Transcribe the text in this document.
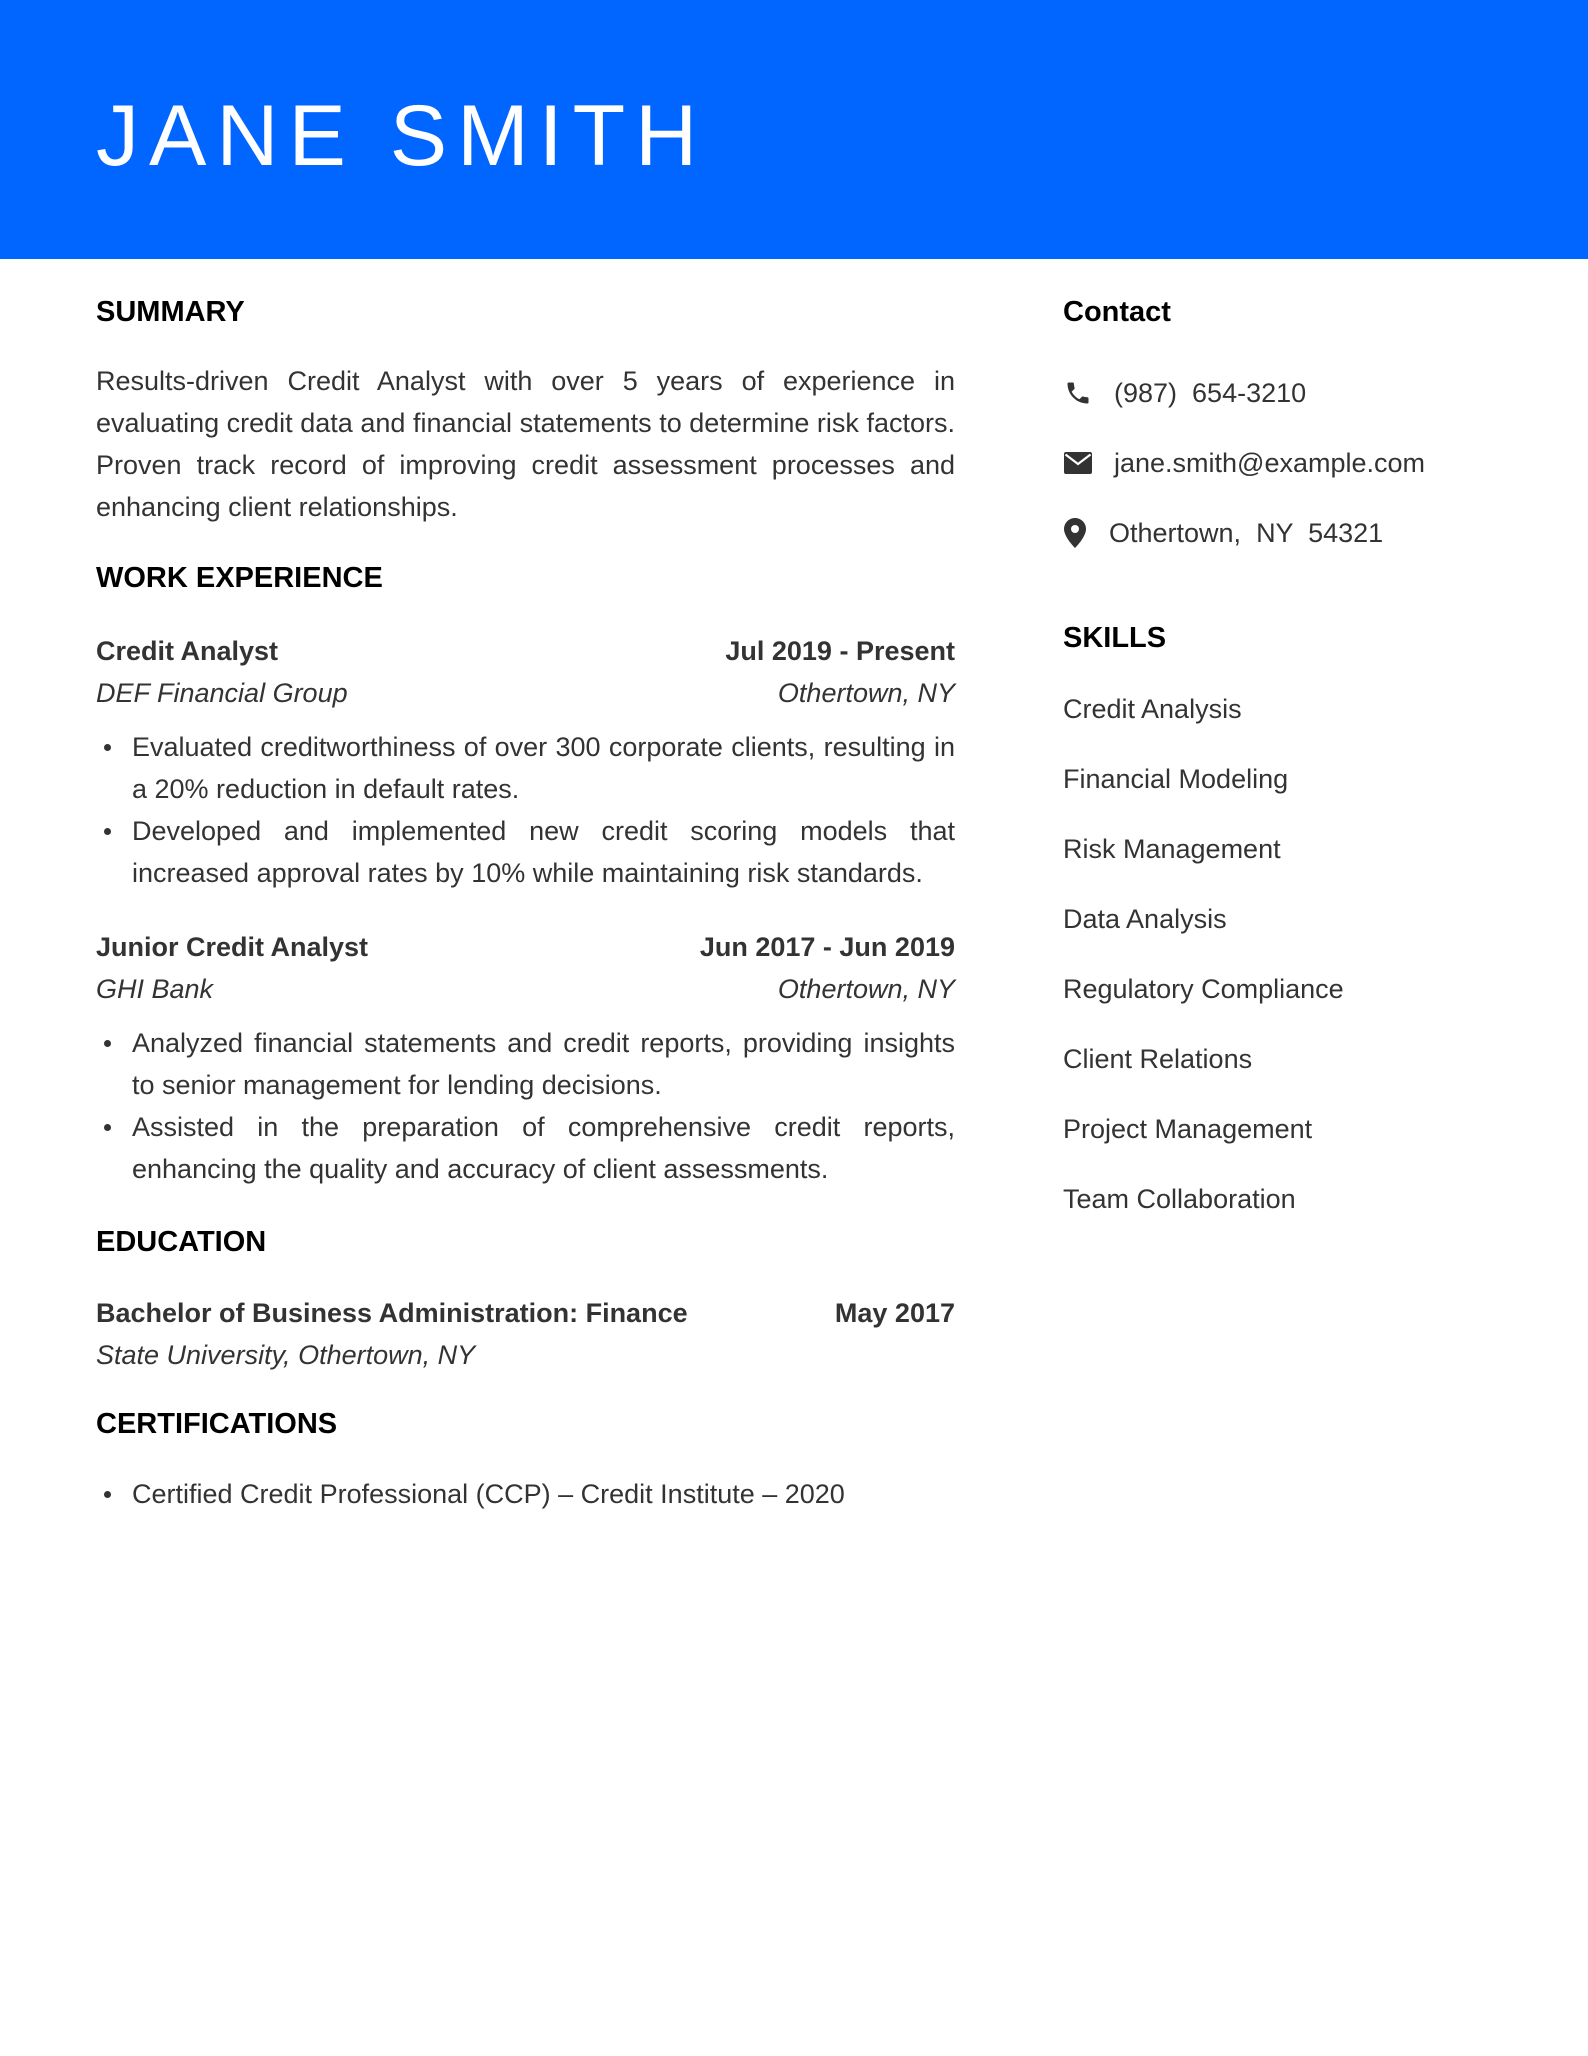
JANE SMITH
SUMMARY

Results-driven Credit Analyst with over 5 years of experience in evaluating credit data and financial statements to determine risk factors. Proven track record of improving credit assessment processes and enhancing client relationships.

WORK EXPERIENCE
Credit Analyst	Jul 2019 - Present
DEF Financial Group	Othertown, NY
Evaluated creditworthiness of over 300 corporate clients, resulting in a 20% reduction in default rates.
Developed and implemented new credit scoring models that increased approval rates by 10% while maintaining risk standards.
Junior Credit Analyst	Jun 2017 - Jun 2019
GHI Bank	Othertown, NY
Analyzed financial statements and credit reports, providing insights to senior management for lending decisions.
Assisted in the preparation of comprehensive credit reports, enhancing the quality and accuracy of client assessments.
EDUCATION
Bachelor of Business Administration: Finance	May 2017
State University, Othertown, NY
CERTIFICATIONS
Certified Credit Professional (CCP) – Credit Institute – 2020
Contact
(987)  654-3210
jane.smith@example.com
Othertown,  NY  54321
SKILLS
Credit Analysis
Financial Modeling
Risk Management
Data Analysis
Regulatory Compliance
Client Relations
Project Management
Team Collaboration
